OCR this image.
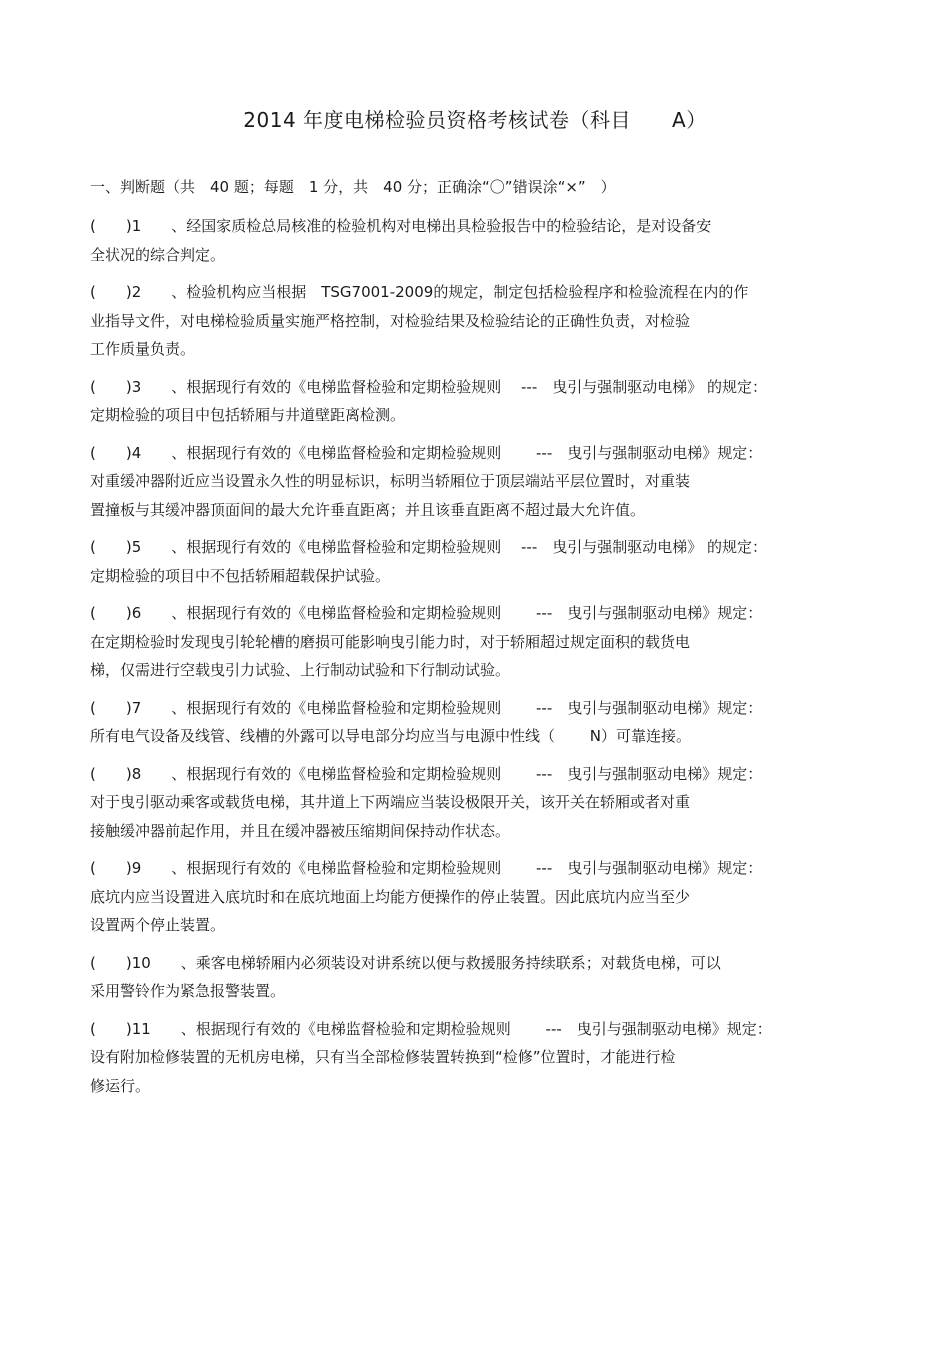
2014 年度电梯检验员资格考核试卷（科目　　A）
一、判断题（共　40 题；每题　1 分，共　40 分；正确涂“〇”错误涂“×”　）
(　　)1　　、经国家质检总局核准的检验机构对电梯出具检验报告中的检验结论，是对设备安
全状况的综合判定。
(　　)2　　、检验机构应当根据　TSG7001-2009的规定，制定包括检验程序和检验流程在内的作
业指导文件，对电梯检验质量实施严格控制，对检验结果及检验结论的正确性负责，对检验
工作质量负责。
(　　)3　　、根据现行有效的《电梯监督检验和定期检验规则　 ---　曳引与强制驱动电梯》 的规定：
定期检验的项目中包括轿厢与井道壁距离检测。
(　　)4　　、根据现行有效的《电梯监督检验和定期检验规则　　 ---　曳引与强制驱动电梯》规定：
对重缓冲器附近应当设置永久性的明显标识，标明当轿厢位于顶层端站平层位置时，对重装
置撞板与其缓冲器顶面间的最大允许垂直距离；并且该垂直距离不超过最大允许值。
(　　)5　　、根据现行有效的《电梯监督检验和定期检验规则　 ---　曳引与强制驱动电梯》 的规定：
定期检验的项目中不包括轿厢超载保护试验。
(　　)6　　、根据现行有效的《电梯监督检验和定期检验规则　　 ---　曳引与强制驱动电梯》规定：
在定期检验时发现曳引轮轮槽的磨损可能影响曳引能力时，对于轿厢超过规定面积的载货电
梯，仅需进行空载曳引力试验、上行制动试验和下行制动试验。
(　　)7　　、根据现行有效的《电梯监督检验和定期检验规则　　 ---　曳引与强制驱动电梯》规定：
所有电气设备及线管、线槽的外露可以导电部分均应当与电源中性线（　　 N）可靠连接。
(　　)8　　、根据现行有效的《电梯监督检验和定期检验规则　　 ---　曳引与强制驱动电梯》规定：
对于曳引驱动乘客或载货电梯，其井道上下两端应当装设极限开关，该开关在轿厢或者对重
接触缓冲器前起作用，并且在缓冲器被压缩期间保持动作状态。
(　　)9　　、根据现行有效的《电梯监督检验和定期检验规则　　 ---　曳引与强制驱动电梯》规定：
底坑内应当设置进入底坑时和在底坑地面上均能方便操作的停止装置。因此底坑内应当至少
设置两个停止装置。
(　　)10　　、乘客电梯轿厢内必须装设对讲系统以便与救援服务持续联系；对载货电梯，可以
采用警铃作为紧急报警装置。
(　　)11　　、根据现行有效的《电梯监督检验和定期检验规则　　 ---　曳引与强制驱动电梯》规定：
设有附加检修装置的无机房电梯，只有当全部检修装置转换到“检修”位置时，才能进行检
修运行。
